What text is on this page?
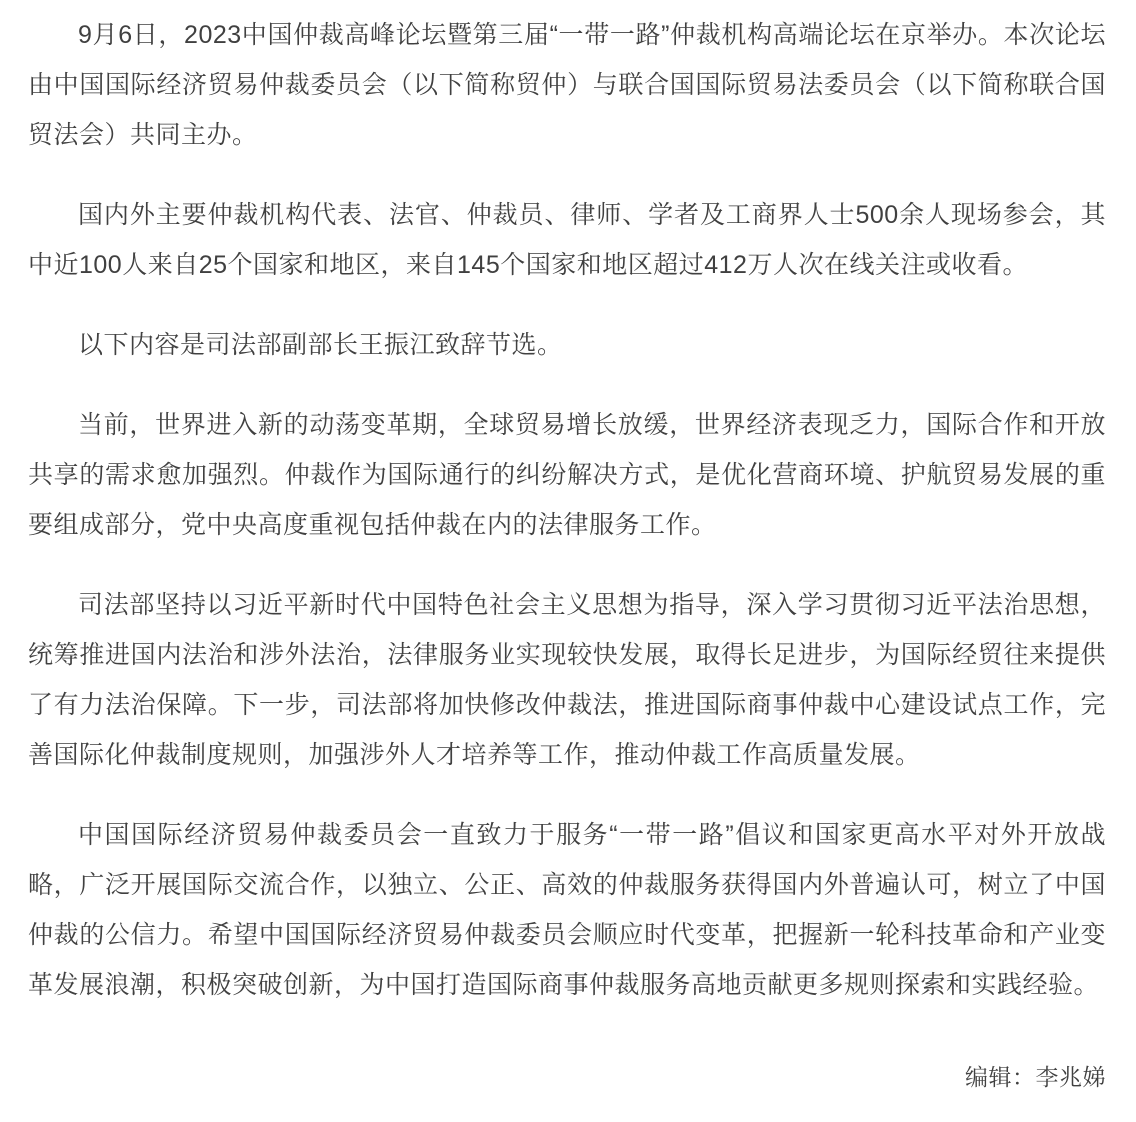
9月6日，2023中国仲裁高峰论坛暨第三届“一带一路”仲裁机构高端论坛在京举办。本次论坛由中国国际经济贸易仲裁委员会（以下简称贸仲）与联合国国际贸易法委员会（以下简称联合国贸法会）共同主办。

国内外主要仲裁机构代表、法官、仲裁员、律师、学者及工商界人士500余人现场参会，其中近100人来自25个国家和地区，来自145个国家和地区超过412万人次在线关注或收看。

以下内容是司法部副部长王振江致辞节选。

当前，世界进入新的动荡变革期，全球贸易增长放缓，世界经济表现乏力，国际合作和开放共享的需求愈加强烈。仲裁作为国际通行的纠纷解决方式，是优化营商环境、护航贸易发展的重要组成部分，党中央高度重视包括仲裁在内的法律服务工作。

司法部坚持以习近平新时代中国特色社会主义思想为指导，深入学习贯彻习近平法治思想，统筹推进国内法治和涉外法治，法律服务业实现较快发展，取得长足进步，为国际经贸往来提供了有力法治保障。下一步，司法部将加快修改仲裁法，推进国际商事仲裁中心建设试点工作，完善国际化仲裁制度规则，加强涉外人才培养等工作，推动仲裁工作高质量发展。

中国国际经济贸易仲裁委员会一直致力于服务“一带一路”倡议和国家更高水平对外开放战略，广泛开展国际交流合作，以独立、公正、高效的仲裁服务获得国内外普遍认可，树立了中国仲裁的公信力。希望中国国际经济贸易仲裁委员会顺应时代变革，把握新一轮科技革命和产业变革发展浪潮，积极突破创新，为中国打造国际商事仲裁服务高地贡献更多规则探索和实践经验。

编辑：李兆娣
